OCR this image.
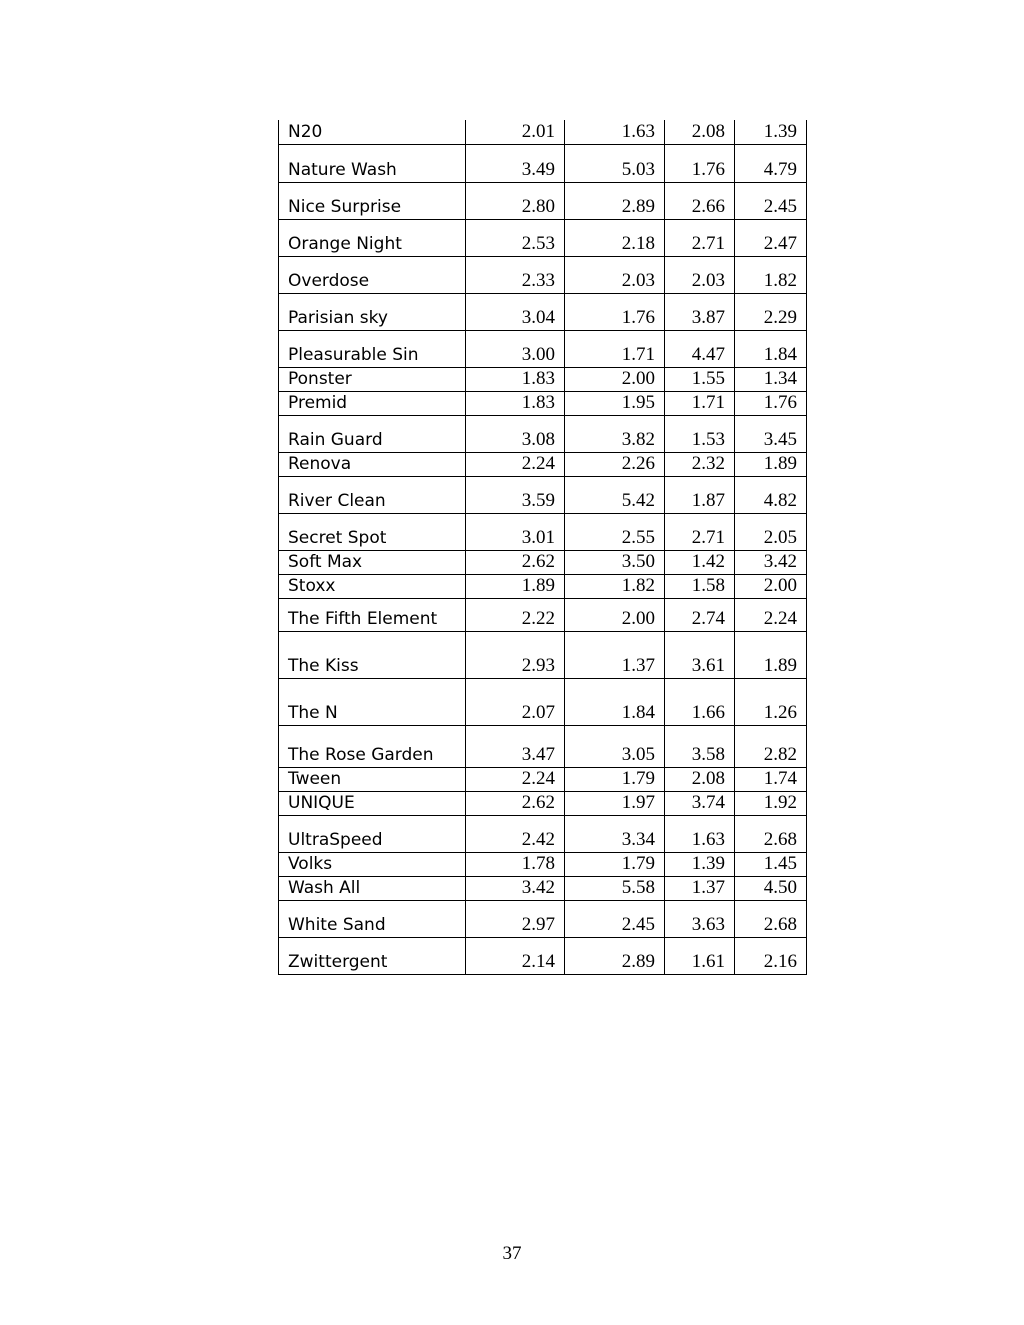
N20	2.01	1.63	2.08	1.39
Nature Wash	3.49	5.03	1.76	4.79
Nice Surprise	2.80	2.89	2.66	2.45
Orange Night	2.53	2.18	2.71	2.47
Overdose	2.33	2.03	2.03	1.82
Parisian sky	3.04	1.76	3.87	2.29
Pleasurable Sin	3.00	1.71	4.47	1.84
Ponster	1.83	2.00	1.55	1.34
Premid	1.83	1.95	1.71	1.76
Rain Guard	3.08	3.82	1.53	3.45
Renova	2.24	2.26	2.32	1.89
River Clean	3.59	5.42	1.87	4.82
Secret Spot	3.01	2.55	2.71	2.05
Soft Max	2.62	3.50	1.42	3.42
Stoxx	1.89	1.82	1.58	2.00
The Fifth Element	2.22	2.00	2.74	2.24
The Kiss	2.93	1.37	3.61	1.89
The N	2.07	1.84	1.66	1.26
The Rose Garden	3.47	3.05	3.58	2.82
Tween	2.24	1.79	2.08	1.74
UNIQUE	2.62	1.97	3.74	1.92
UltraSpeed	2.42	3.34	1.63	2.68
Volks	1.78	1.79	1.39	1.45
Wash All	3.42	5.58	1.37	4.50
White Sand	2.97	2.45	3.63	2.68
Zwittergent	2.14	2.89	1.61	2.16
37
